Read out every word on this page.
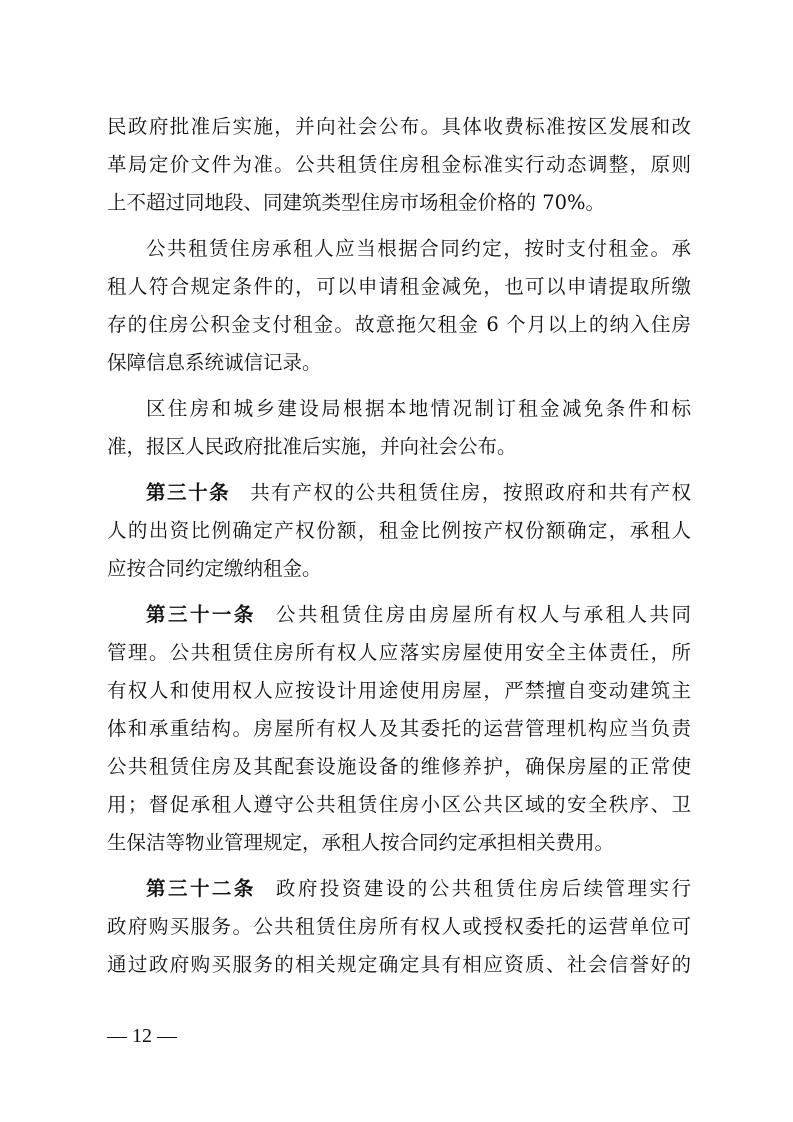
民政府批准后实施，并向社会公布。具体收费标准按区发展和改
革局定价文件为准。公共租赁住房租金标准实行动态调整，原则
上不超过同地段、同建筑类型住房市场租金价格的 70%。
公共租赁住房承租人应当根据合同约定，按时支付租金。承
租人符合规定条件的，可以申请租金减免，也可以申请提取所缴
存的住房公积金支付租金。故意拖欠租金 6 个月以上的纳入住房
保障信息系统诚信记录。
区住房和城乡建设局根据本地情况制订租金减免条件和标
准，报区人民政府批准后实施，并向社会公布。
第三十条 共有产权的公共租赁住房，按照政府和共有产权
人的出资比例确定产权份额，租金比例按产权份额确定，承租人
应按合同约定缴纳租金。
第三十一条 公共租赁住房由房屋所有权人与承租人共同
管理。公共租赁住房所有权人应落实房屋使用安全主体责任，所
有权人和使用权人应按设计用途使用房屋，严禁擅自变动建筑主
体和承重结构。房屋所有权人及其委托的运营管理机构应当负责
公共租赁住房及其配套设施设备的维修养护，确保房屋的正常使
用；督促承租人遵守公共租赁住房小区公共区域的安全秩序、卫
生保洁等物业管理规定，承租人按合同约定承担相关费用。
第三十二条 政府投资建设的公共租赁住房后续管理实行
政府购买服务。公共租赁住房所有权人或授权委托的运营单位可
通过政府购买服务的相关规定确定具有相应资质、社会信誉好的
— 12 —
